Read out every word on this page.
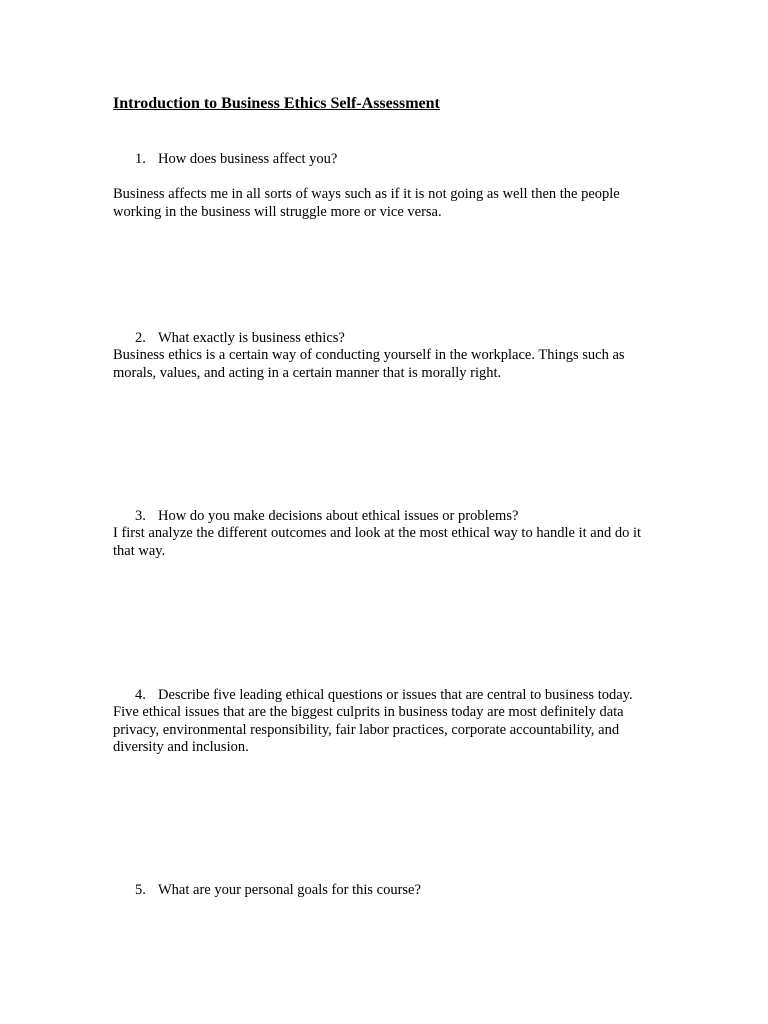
Introduction to Business Ethics Self-Assessment
1. How does business affect you?

Business affects me in all sorts of ways such as if it is not going as well then the people working in the business will struggle more or vice versa.

2. What exactly is business ethics?

Business ethics is a certain way of conducting yourself in the workplace. Things such as morals, values, and acting in a certain manner that is morally right.

3. How do you make decisions about ethical issues or problems?

I first analyze the different outcomes and look at the most ethical way to handle it and do it that way.

4. Describe five leading ethical questions or issues that are central to business today.

Five ethical issues that are the biggest culprits in business today are most definitely data privacy, environmental responsibility, fair labor practices, corporate accountability, and diversity and inclusion.

5. What are your personal goals for this course?
